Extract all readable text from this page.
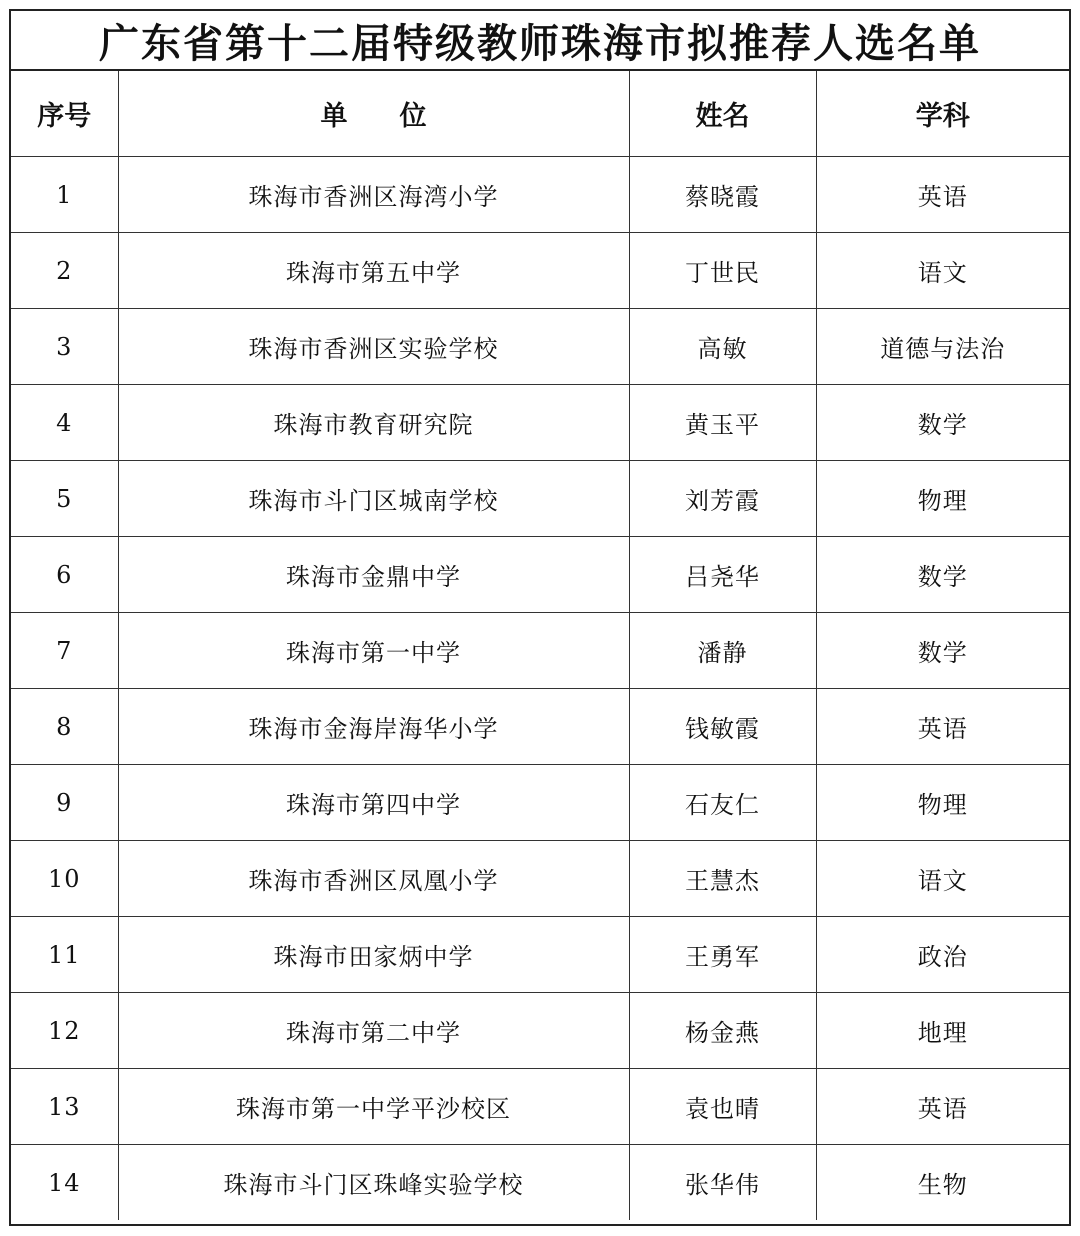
广东省第十二届特级教师珠海市拟推荐人选名单
序号	单位	姓名	学科
1	珠海市香洲区海湾小学	蔡晓霞	英语
2	珠海市第五中学	丁世民	语文
3	珠海市香洲区实验学校	高敏	道德与法治
4	珠海市教育研究院	黄玉平	数学
5	珠海市斗门区城南学校	刘芳霞	物理
6	珠海市金鼎中学	吕尧华	数学
7	珠海市第一中学	潘静	数学
8	珠海市金海岸海华小学	钱敏霞	英语
9	珠海市第四中学	石友仁	物理
10	珠海市香洲区凤凰小学	王慧杰	语文
11	珠海市田家炳中学	王勇军	政治
12	珠海市第二中学	杨金燕	地理
13	珠海市第一中学平沙校区	袁也晴	英语
14	珠海市斗门区珠峰实验学校	张华伟	生物
